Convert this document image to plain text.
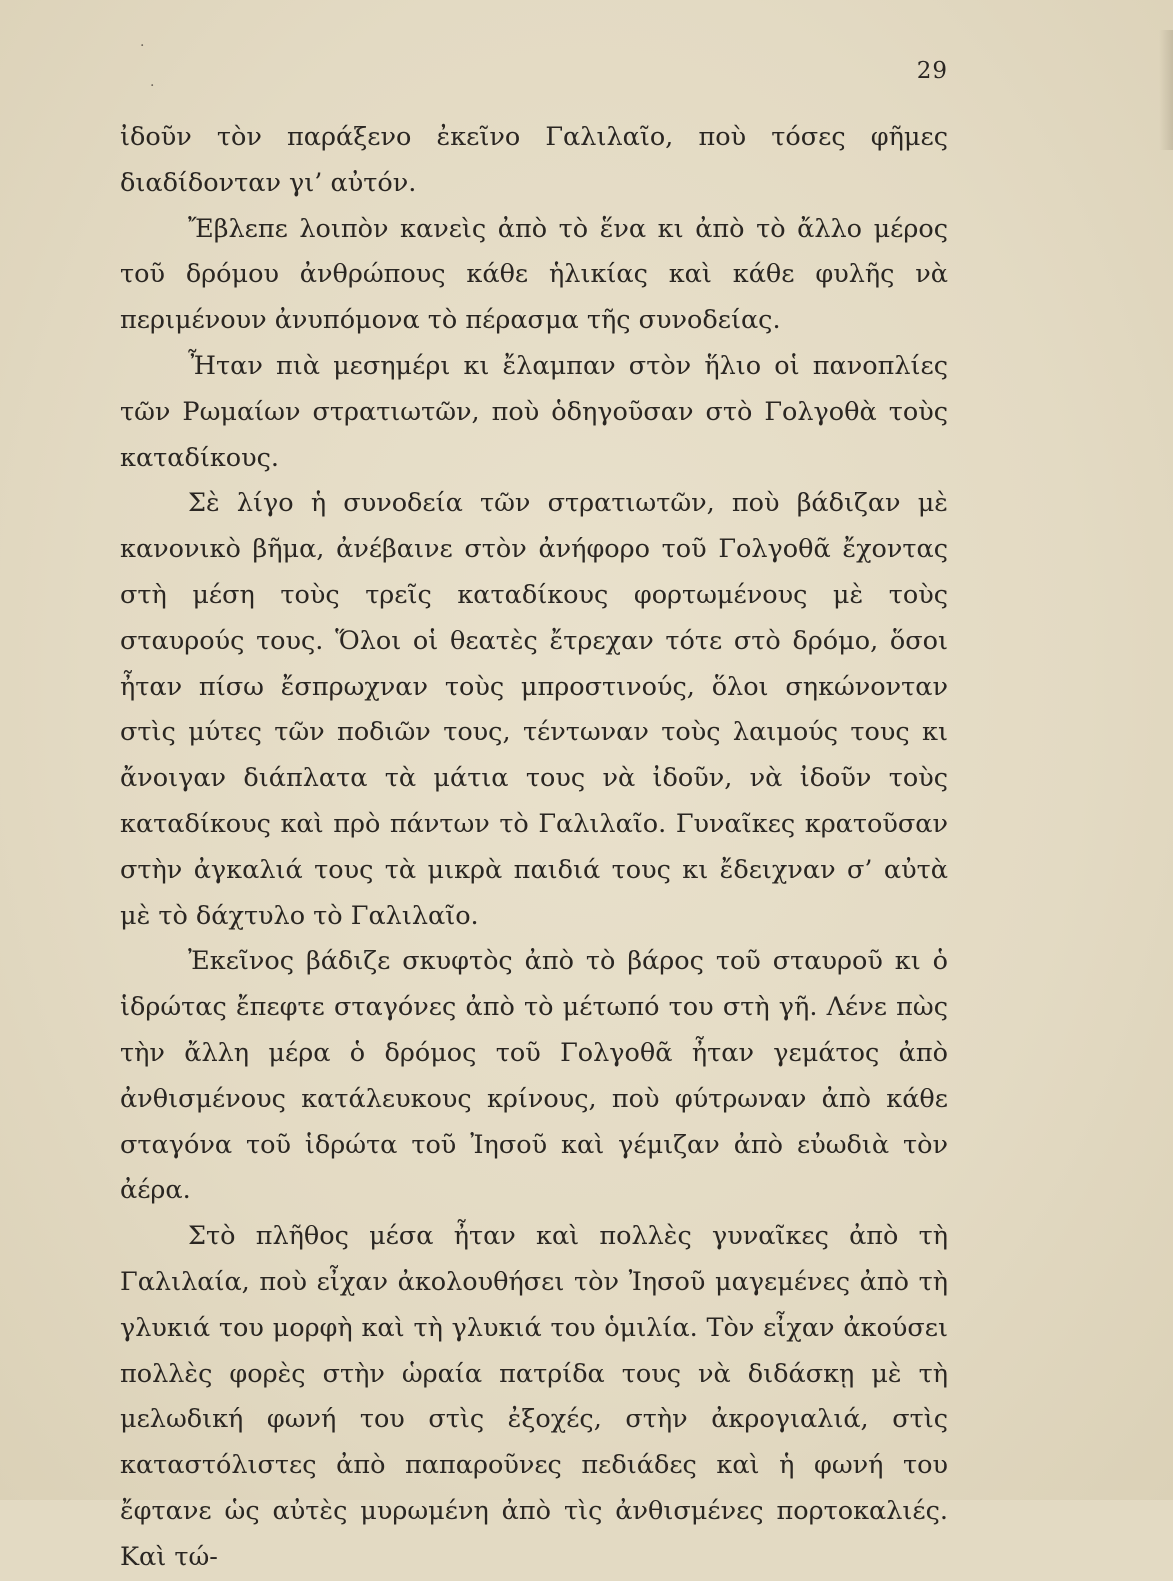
·
·
29

ἰδοῦν τὸν παράξενο ἐκεῖνο Γαλιλαῖο, ποὺ τόσες φῆμες διαδίδονταν γι’ αὐτόν.

Ἔβλεπε λοιπὸν κανεὶς ἀπὸ τὸ ἕνα κι ἀπὸ τὸ ἄλλο μέρος τοῦ δρόμου ἀνθρώπους κάθε ἡλικίας καὶ κάθε φυλῆς νὰ περιμένουν ἀνυπόμονα τὸ πέρασμα τῆς συνοδείας.

Ἦταν πιὰ μεσημέρι κι ἔλαμπαν στὸν ἥλιο οἱ πανοπλίες τῶν Ρωμαίων στρατιωτῶν, ποὺ ὁδηγοῦσαν στὸ Γολγοθὰ τοὺς καταδίκους.

Σὲ λίγο ἡ συνοδεία τῶν στρατιωτῶν, ποὺ βάδιζαν μὲ κανονικὸ βῆμα, ἀνέβαινε στὸν ἀνήφορο τοῦ Γολγοθᾶ ἔχοντας στὴ μέση τοὺς τρεῖς καταδίκους φορτωμένους μὲ τοὺς σταυρούς τους. Ὅλοι οἱ θεατὲς ἔτρεχαν τότε στὸ δρόμο, ὅσοι ἦταν πίσω ἔσπρωχναν τοὺς μπροστινούς, ὅλοι σηκώνονταν στὶς μύτες τῶν ποδιῶν τους, τέντωναν τοὺς λαιμούς τους κι ἄνοιγαν διάπλατα τὰ μάτια τους νὰ ἰδοῦν, νὰ ἰδοῦν τοὺς καταδίκους καὶ πρὸ πάντων τὸ Γαλιλαῖο. Γυναῖκες κρατοῦσαν στὴν ἀγκαλιά τους τὰ μικρὰ παιδιά τους κι ἔδειχναν σ’ αὐτὰ μὲ τὸ δάχτυλο τὸ Γαλιλαῖο.

Ἐκεῖνος βάδιζε σκυφτὸς ἀπὸ τὸ βάρος τοῦ σταυροῦ κι ὁ ἱδρώτας ἔπεφτε σταγόνες ἀπὸ τὸ μέτωπό του στὴ γῆ. Λένε πὼς τὴν ἄλλη μέρα ὁ δρόμος τοῦ Γολγοθᾶ ἦταν γεμάτος ἀπὸ ἀνθισμένους κατάλευκους κρίνους, ποὺ φύτρωναν ἀπὸ κάθε σταγόνα τοῦ ἱδρώτα τοῦ Ἰησοῦ καὶ γέμιζαν ἀπὸ εὐωδιὰ τὸν ἀέρα.

Στὸ πλῆθος μέσα ἦταν καὶ πολλὲς γυναῖκες ἀπὸ τὴ Γαλιλαία, ποὺ εἶχαν ἀκολουθήσει τὸν Ἰησοῦ μαγεμένες ἀπὸ τὴ γλυκιά του μορφὴ καὶ τὴ γλυκιά του ὁμιλία. Τὸν εἶχαν ἀκούσει πολλὲς φορὲς στὴν ὡραία πατρίδα τους νὰ διδάσκῃ μὲ τὴ μελωδική φωνή του στὶς ἐξοχές, στὴν ἀκρογιαλιά, στὶς καταστόλιστες ἀπὸ παπαροῦνες πεδιάδες καὶ ἡ φωνή του ἔφτανε ὡς αὐτὲς μυρωμένη ἀπὸ τὶς ἀνθισμένες πορτοκαλιές. Καὶ τώ-
